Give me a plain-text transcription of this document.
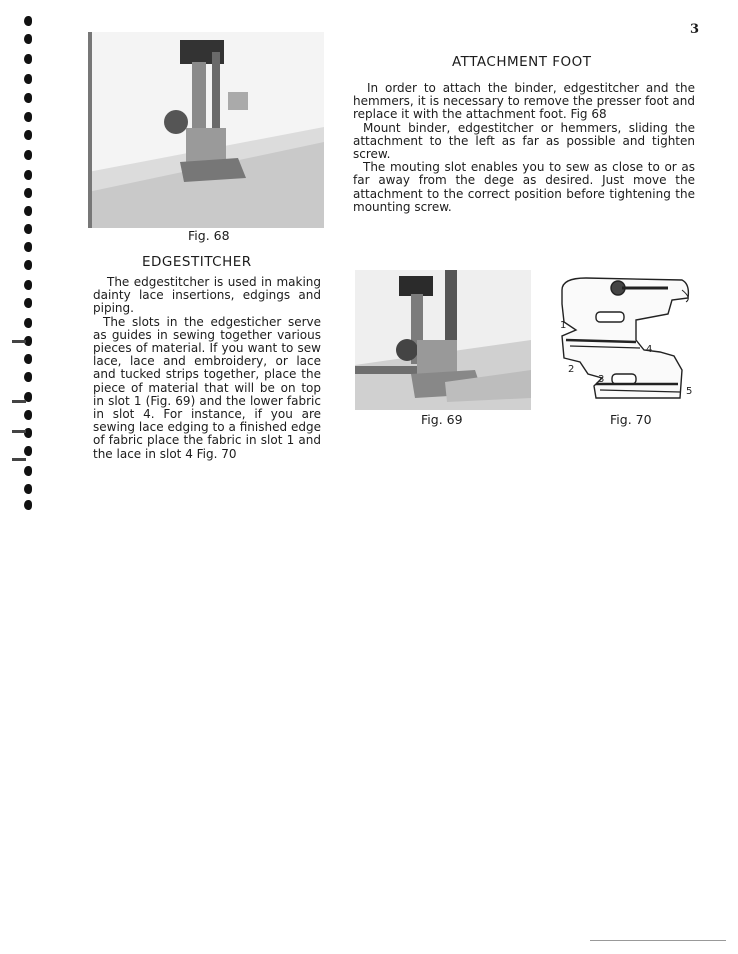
3
Fig. 68
EDGESTITCHER

The edgestitcher is used in making dainty lace insertions, edgings and piping.

The slots in the edgesticher serve as guides in sewing together various pieces of material. If you want to sew lace, lace and embroidery, or lace and tucked strips together, place the piece of material that will be on top in slot 1 (Fig. 69) and the lower fabric in slot 4. For instance, if you are sewing lace edging to a finished edge of fabric place the fabric in slot 1 and the lace in slot 4 Fig. 70

ATTACHMENT FOOT

In order to attach the binder, edgestitcher and the hemmers, it is necessary to remove the presser foot and replace it with the attachment foot. Fig 68

Mount binder, edgestitcher or hemmers, sliding the attachment to the left as far as possible and tighten screw.

The mouting slot enables you to sew as close to or as far away from the dege as desired. Just move the attachment to the correct position before tightening the mounting screw.

Fig. 69
1
2
3
4
5
Fig. 70
